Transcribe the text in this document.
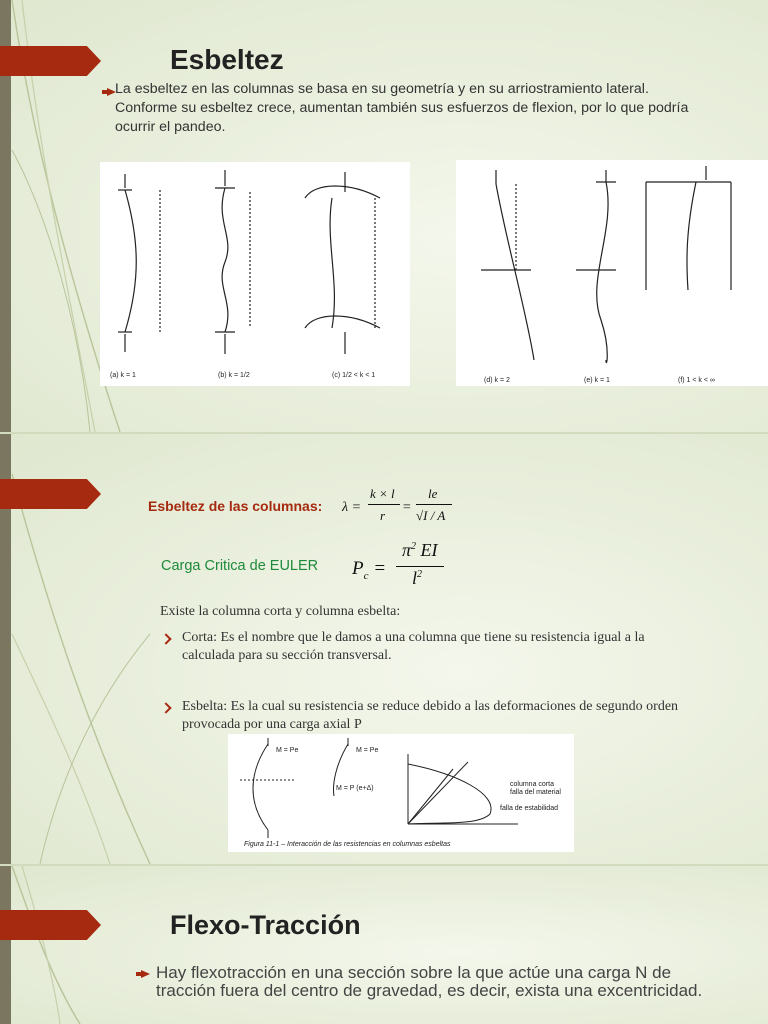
Esbeltez
La esbeltez en las columnas se basa en su geometría y en su arriostramiento lateral. Conforme su esbeltez crece, aumentan también sus esfuerzos de flexion, por lo que podría ocurrir el pandeo.
(a) k = 1	(b) k = 1/2	(c) 1/2 < k < 1
(d) k = 2	(e) k = 1	(f) 1 < k < ∞
Esbeltez de las columnas: λ =
k × l
r
=
le
√I / A
Carga Critica de EULER $P_c$ =
$\pi^2$ EI
$l^2$
Existe la columna corta y columna esbelta:
Corta: Es el nombre que le damos a una columna que tiene su resistencia igual a la calculada para su sección transversal.
Esbelta: Es la cual su resistencia se reduce debido a las deformaciones de segundo orden provocada por una carga axial P
M = Pe	M = Pe
M = P (e+Δ)
columna corta
falla del material
falla de estabilidad
Figura 11-1 – Interacción de las resistencias en columnas esbeltas
Flexo-Tracción
Hay flexotracción en una sección sobre la que actúe una carga N de tracción fuera del centro de gravedad, es decir, exista una excentricidad.
